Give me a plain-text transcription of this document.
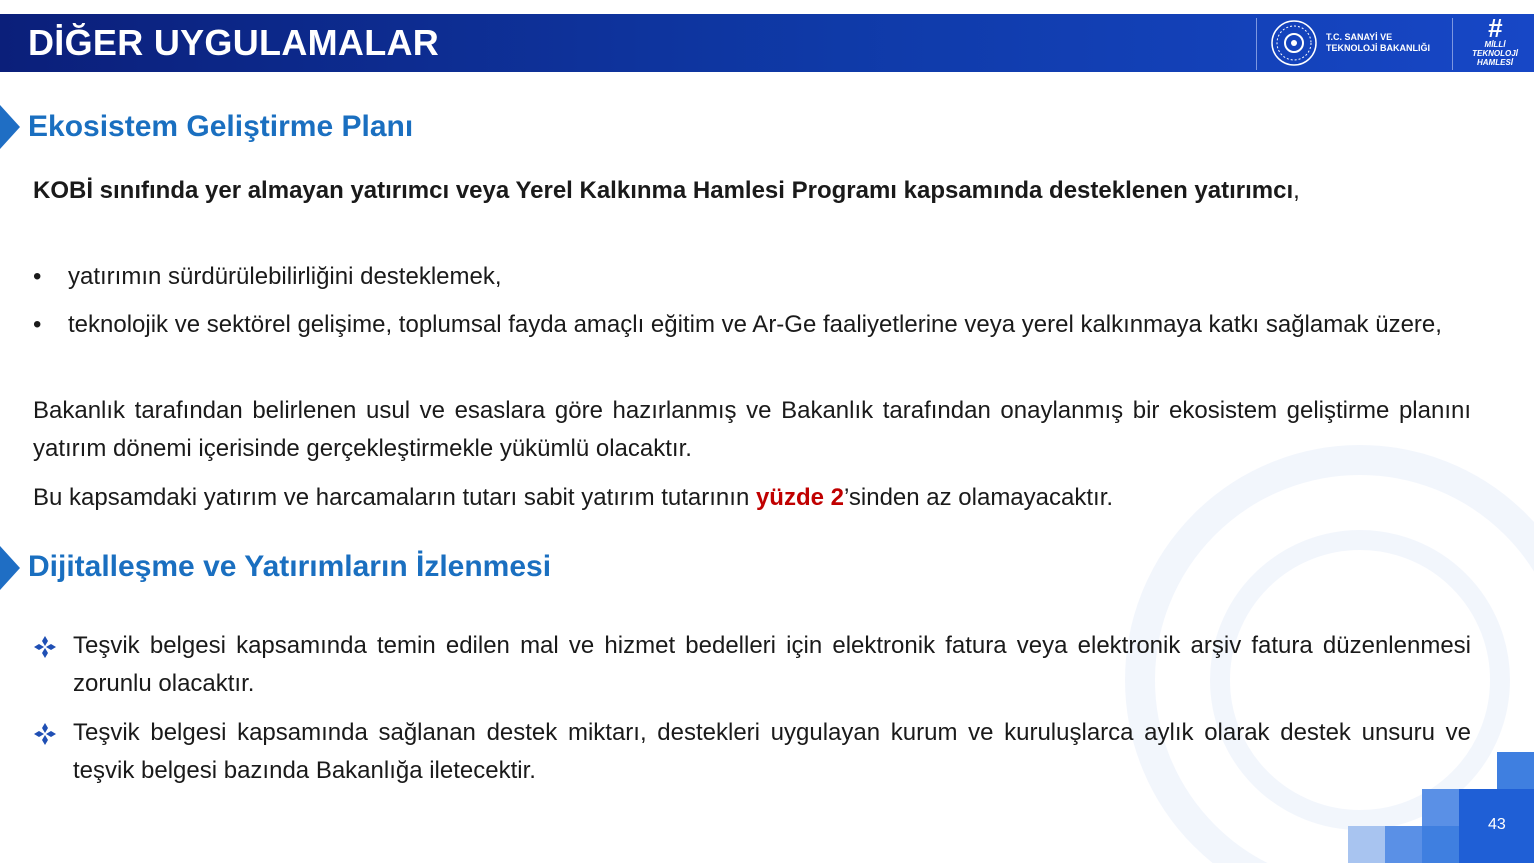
DİĞER UYGULAMALAR	T.C. SANAYİ VE
TEKNOLOJİ BAKANLIĞI
#
MİLLİ
TEKNOLOJİ
HAMLESİ
Ekosistem Geliştirme Planı
KOBİ sınıfında yer almayan yatırımcı veya Yerel Kalkınma Hamlesi Programı kapsamında desteklenen yatırımcı,
• yatırımın sürdürülebilirliğini desteklemek,
• teknolojik ve sektörel gelişime, toplumsal fayda amaçlı eğitim ve Ar-Ge faaliyetlerine veya yerel kalkınmaya katkı sağlamak üzere,
Bakanlık tarafından belirlenen usul ve esaslara göre hazırlanmış ve Bakanlık tarafından onaylanmış bir ekosistem geliştirme planını yatırım dönemi içerisinde gerçekleştirmekle yükümlü olacaktır.
Bu kapsamdaki yatırım ve harcamaların tutarı sabit yatırım tutarının yüzde 2’sinden az olamayacaktır.
Dijitalleşme ve Yatırımların İzlenmesi
Teşvik belgesi kapsamında temin edilen mal ve hizmet bedelleri için elektronik fatura veya elektronik arşiv fatura düzenlenmesi zorunlu olacaktır.
Teşvik belgesi kapsamında sağlanan destek miktarı, destekleri uygulayan kurum ve kuruluşlarca aylık olarak destek unsuru ve teşvik belgesi bazında Bakanlığa iletecektir.
43
